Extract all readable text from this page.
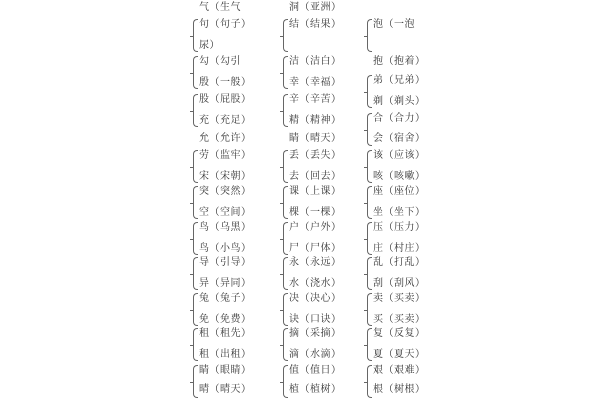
气（生气
句（句子）
尿）
勾（勾引
殷（一般）
股（屁股）
充（充足）
允（允许）
劳（监牢）
宋（宋朝）
突（突然）
空（空间）
鸟（乌黑）
鸟（小鸟）
导（引导）
异（异同）
兔（兔子）
免（免费）
租（租先）
租（出租）
睛（眼睛）
晴（晴天）
洞（亚洲）
结（结果）
洁（洁白）
幸（幸福）
辛（辛苦）
精（精神）
睛（晴天）
丢（丢失）
去（回去）
课（上课）
棵（一棵）
户（户外）
尸（尸体）
永（永远）
水（浇水）
决（决心）
诀（口诀）
摘（采摘）
滴（水滴）
值（值日）
植（植树）
泡（一泡
抱（抱着）
弟（兄弟）
剃（剃头）
合（合力）
会（宿舍）
该（应该）
咳（咳嗽）
座（座位）
坐（坐下）
压（压力）
庄（村庄）
乱（打乱）
刮（刮风）
卖（买卖）
买（买卖）
复（反复）
夏（夏天）
艰（艰难）
根（树根）
